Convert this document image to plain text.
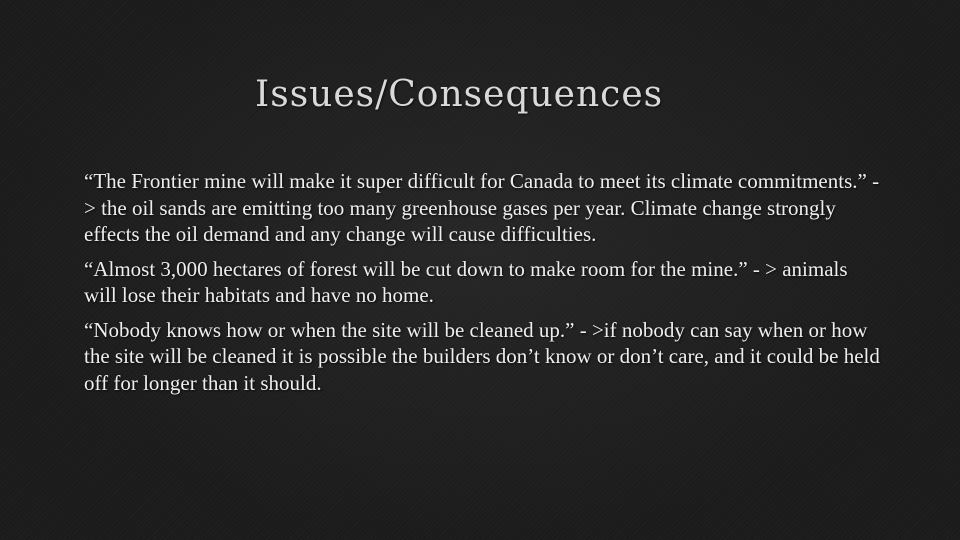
Issues/Consequences

“The Frontier mine will make it super difficult for Canada to meet its climate commitments.” - > the oil sands are emitting too many greenhouse gases per year. Climate change strongly effects the oil demand and any change will cause difficulties.

“Almost 3,000 hectares of forest will be cut down to make room for the mine.” - > animals will lose their habitats and have no home.

“Nobody knows how or when the site will be cleaned up.” - >if nobody can say when or how the site will be cleaned it is possible the builders don’t know or don’t care, and it could be held off for longer than it should.
